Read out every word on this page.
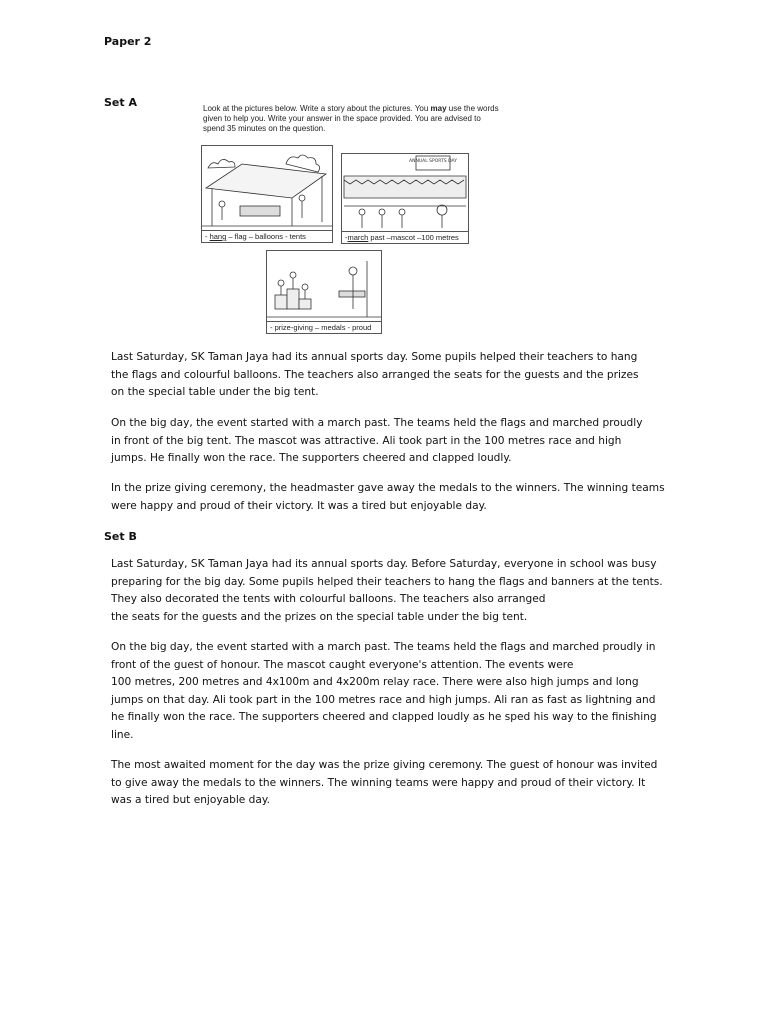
Paper 2
Set A	Look at the pictures below. Write a story about the pictures. You may use the words
given to help you. Write your answer in the space provided. You are advised to
spend 35 minutes on the question.
- hang – flag – balloons - tents
ANNUAL SPORTS DAY
-march past –mascot –100 metres
- prize-giving – medals - proud
Last Saturday, SK Taman Jaya had its annual sports day. Some pupils helped their teachers to hang
the flags and colourful balloons. The teachers also arranged the seats for the guests and the prizes
on the special table under the big tent.
On the big day, the event started with a march past. The teams held the flags and marched proudly
in front of the big tent. The mascot was attractive. Ali took part in the 100 metres race and high
jumps. He finally won the race. The supporters cheered and clapped loudly.
In the prize giving ceremony, the headmaster gave away the medals to the winners. The winning teams
were happy and proud of their victory. It was a tired but enjoyable day.
Set B
Last Saturday, SK Taman Jaya had its annual sports day. Before Saturday, everyone in school was busy
preparing for the big day. Some pupils helped their teachers to hang the flags and banners at the tents.
They also decorated the tents with colourful balloons. The teachers also arranged
the seats for the guests and the prizes on the special table under the big tent.
On the big day, the event started with a march past. The teams held the flags and marched proudly in
front of the guest of honour. The mascot caught everyone's attention. The events were
100 metres, 200 metres and 4x100m and 4x200m relay race. There were also high jumps and long
jumps on that day. Ali took part in the 100 metres race and high jumps. Ali ran as fast as lightning and
he finally won the race. The supporters cheered and clapped loudly as he sped his way to the finishing
line.
The most awaited moment for the day was the prize giving ceremony. The guest of honour was invited
to give away the medals to the winners. The winning teams were happy and proud of their victory. It
was a tired but enjoyable day.
